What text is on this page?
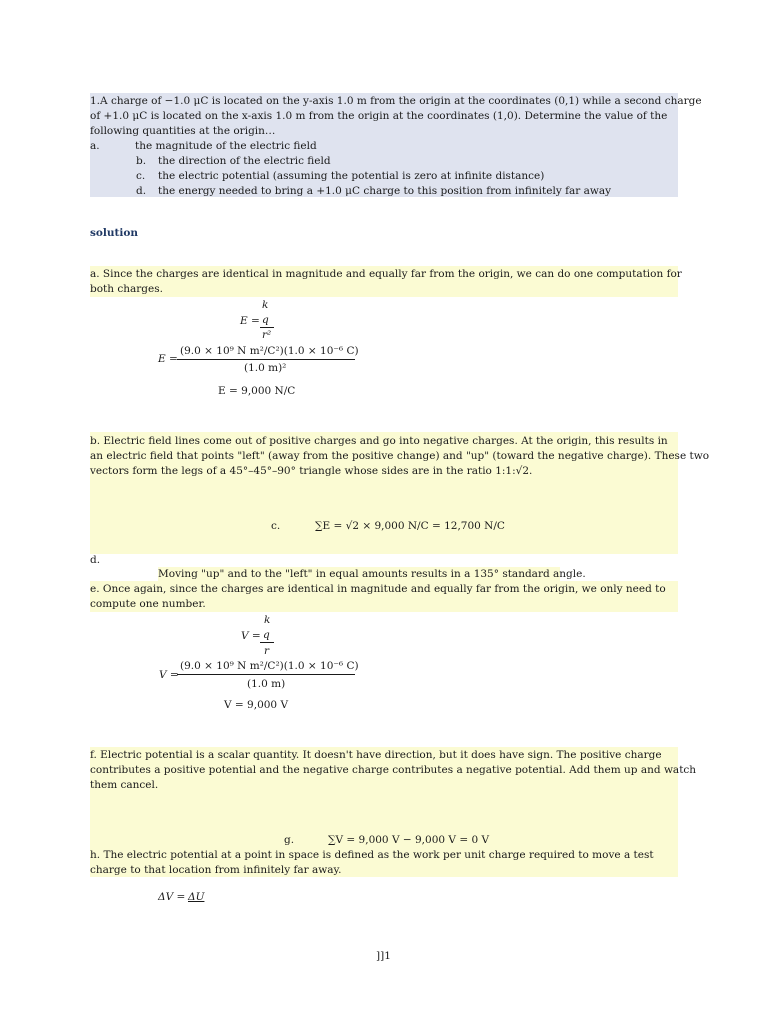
1.A charge of −1.0 μC is located on the y-axis 1.0 m from the origin at the coordinates (0,1) while a second charge
of +1.0 μC is located on the x-axis 1.0 m from the origin at the coordinates (1,0). Determine the value of the
following quantities at the origin…
a.	the magnitude of the electric field
b. the direction of the electric field
c. the electric potential (assuming the potential is zero at infinite distance)
d. the energy needed to bring a +1.0 μC charge to this position from infinitely far away
solution
a. Since the charges are identical in magnitude and equally far from the origin, we can do one computation for
both charges.
k
E = q
r²
E =
(9.0 × 10⁹ N m²/C²)(1.0 × 10⁻⁶ C)
(1.0 m)²
E = 9,000 N/C
b. Electric field lines come out of positive charges and go into negative charges. At the origin, this results in
an electric field that points "left" (away from the positive change) and "up" (toward the negative charge). These two
vectors form the legs of a 45°–45°–90° triangle whose sides are in the ratio 1:1:√2.
c.	∑E = √2 × 9,000 N/C = 12,700 N/C
d.
Moving "up" and to the "left" in equal amounts results in a 135° standard angle.
e. Once again, since the charges are identical in magnitude and equally far from the origin, we only need to
compute one number.
k
V = q
r
V =
(9.0 × 10⁹ N m²/C²)(1.0 × 10⁻⁶ C)
(1.0 m)
V = 9,000 V
f. Electric potential is a scalar quantity. It doesn't have direction, but it does have sign. The positive charge
contributes a positive potential and the negative charge contributes a negative potential. Add them up and watch
them cancel.
g.	∑V = 9,000 V − 9,000 V = 0 V
h. The electric potential at a point in space is defined as the work per unit charge required to move a test
charge to that location from infinitely far away.
ΔV = ΔU
]]1
